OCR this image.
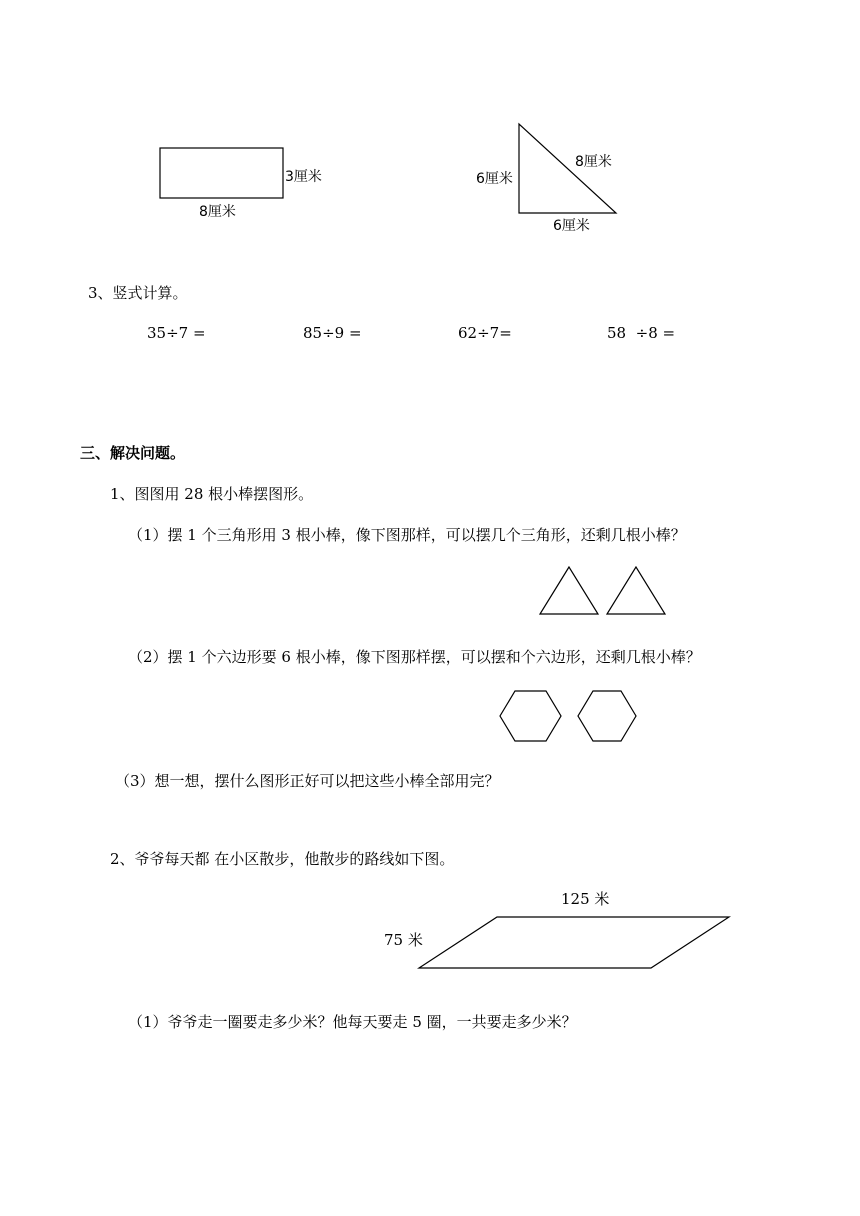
3厘米
8厘米
6厘米
8厘米
6厘米
3、竖式计算。
35÷7 =	85÷9 =	62÷7=	58  ÷8 =
三、解决问题。
1、图图用 28 根小棒摆图形。
（1）摆 1 个三角形用 3 根小棒，像下图那样，可以摆几个三角形，还剩几根小棒？
（2）摆 1 个六边形要 6 根小棒，像下图那样摆，可以摆和个六边形，还剩几根小棒？
（3）想一想，摆什么图形正好可以把这些小棒全部用完？
2、爷爷每天都 在小区散步，他散步的路线如下图。
125 米
75 米
（1）爷爷走一圈要走多少米？他每天要走 5 圈，一共要走多少米？
